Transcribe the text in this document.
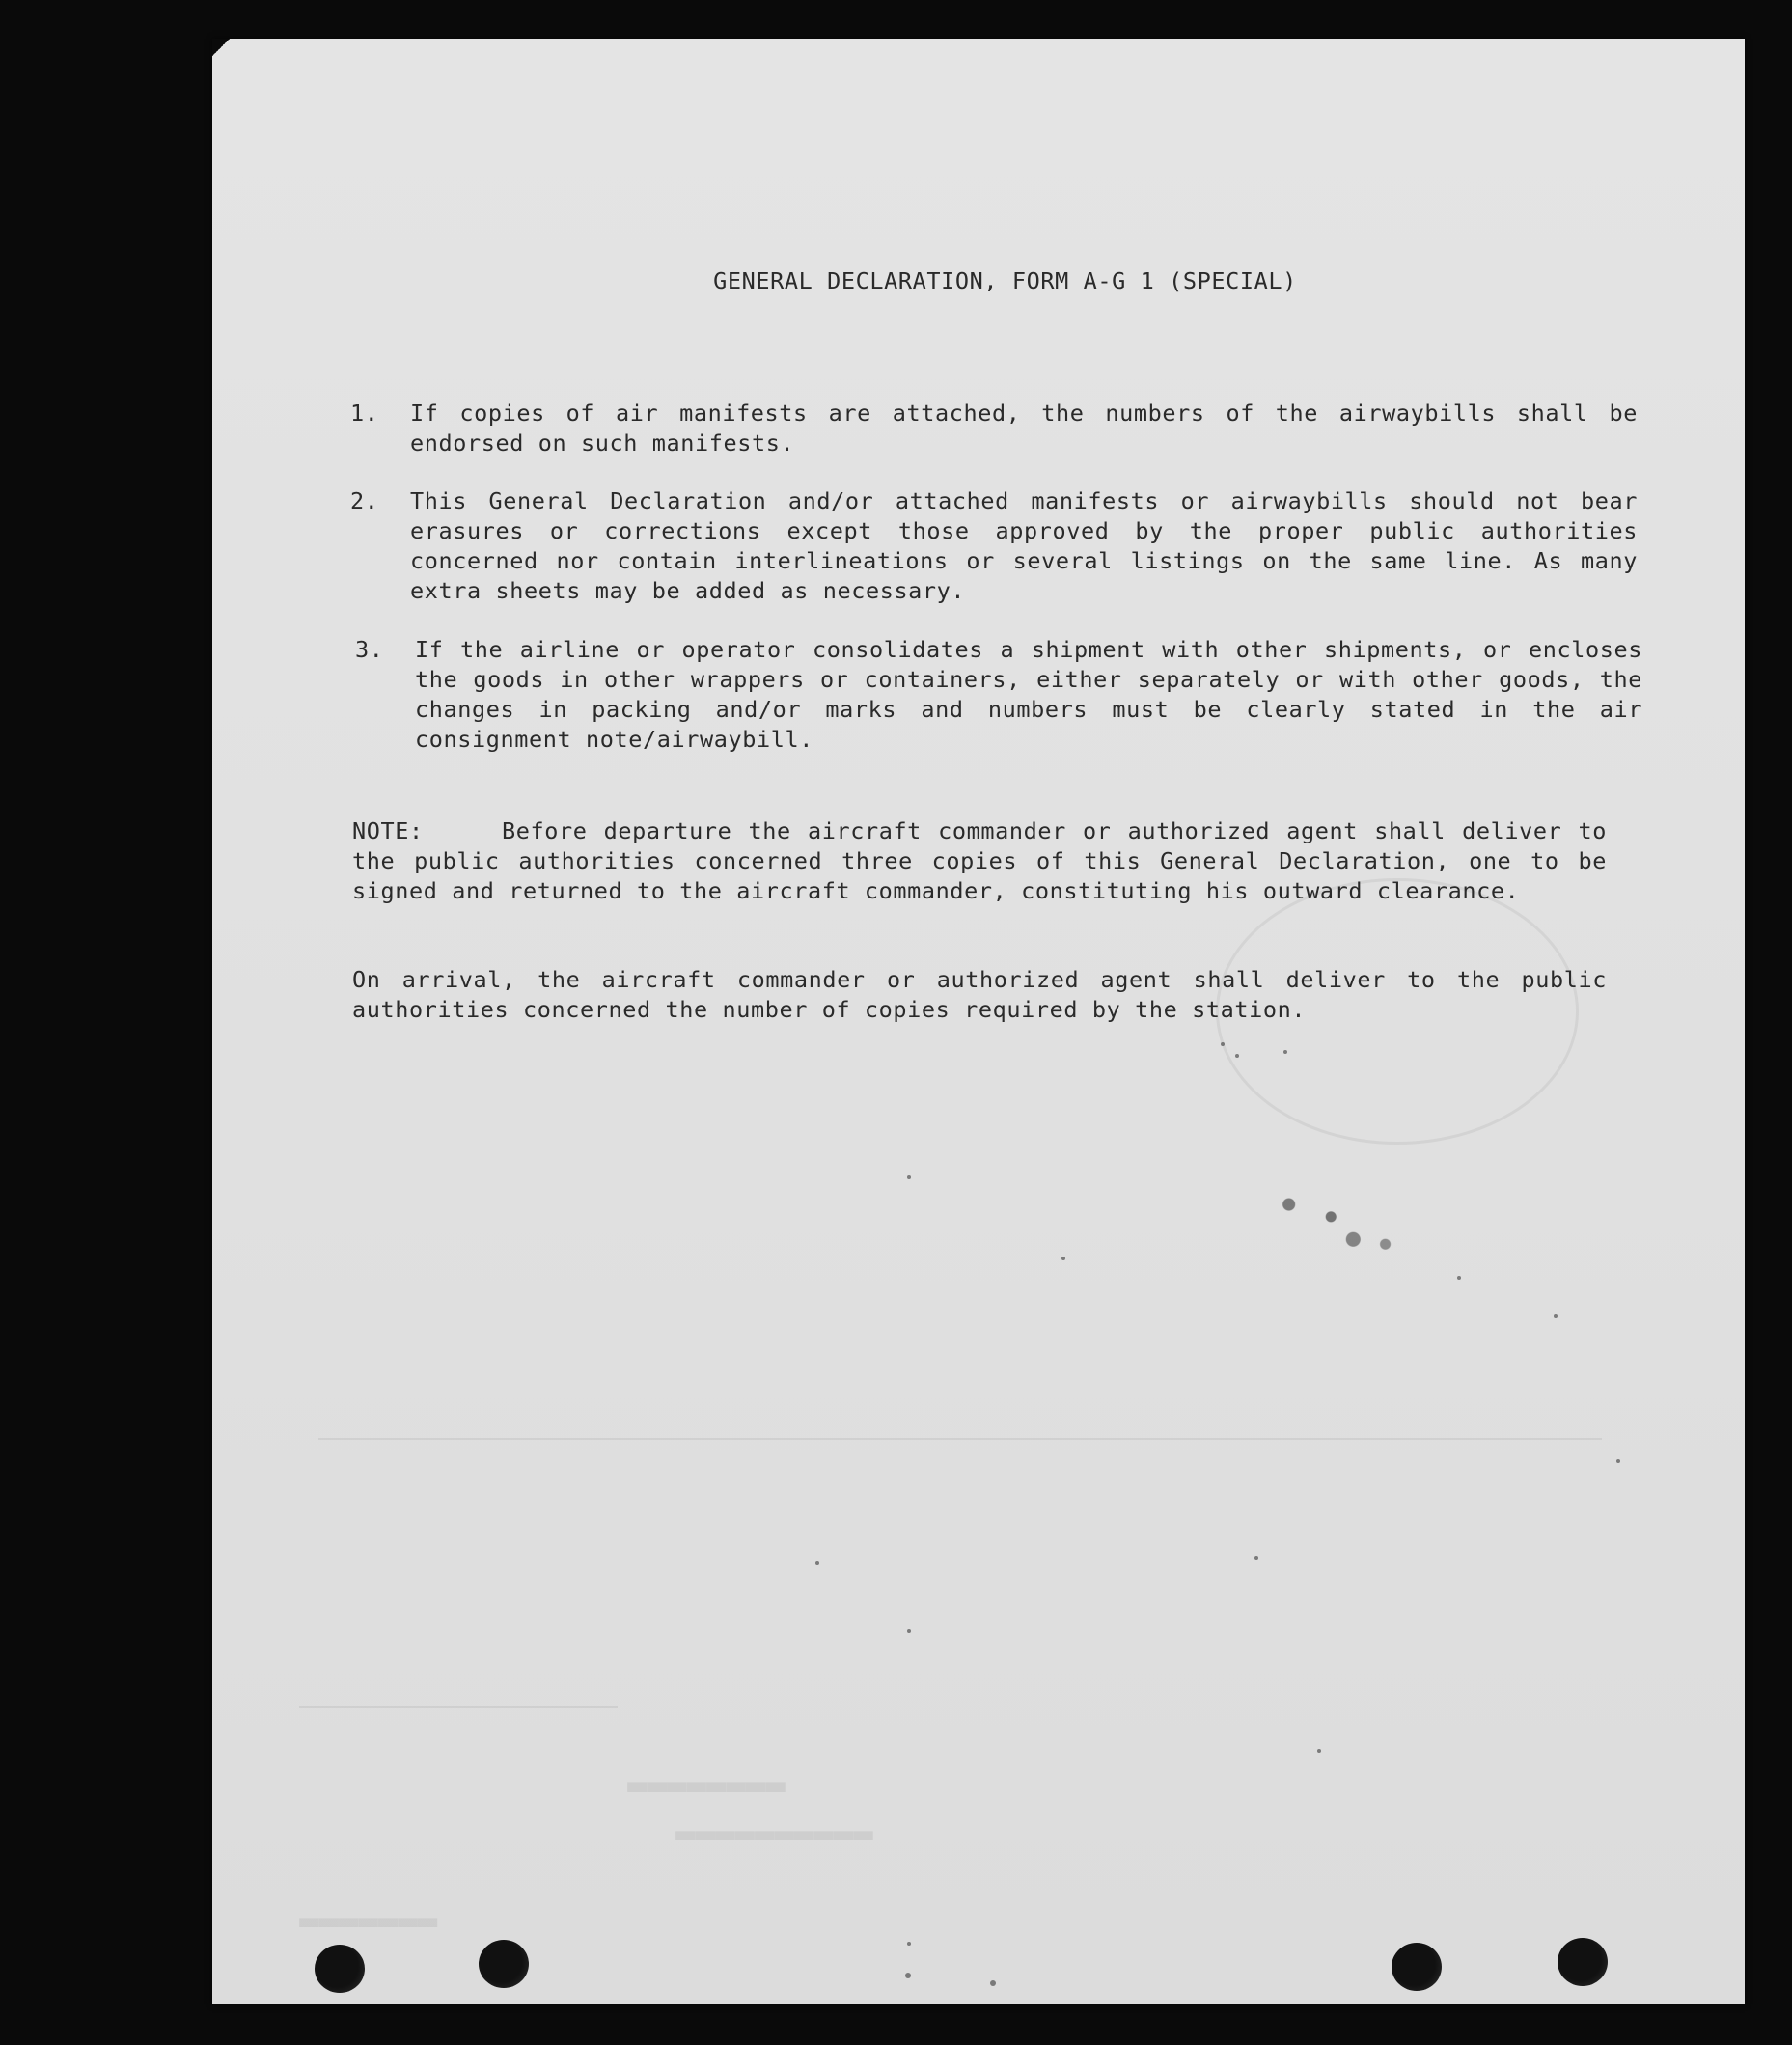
▬▬▬▬▬▬▬▬
▬▬▬▬▬▬▬▬▬▬
▬▬▬▬▬▬▬
GENERAL DECLARATION, FORM A-G 1 (SPECIAL)
1.	If copies of air manifests are attached, the numbers of the airwaybills shall be endorsed on such manifests.
2.	This General Declaration and/or attached manifests or airwaybills should not bear erasures or corrections except those approved by the proper public authorities concerned nor contain interlineations or several listings on the same line. As many extra sheets may be added as necessary.
3.	If the airline or operator consolidates a shipment with other shipments, or encloses the goods in other wrappers or containers, either separately or with other goods, the changes in packing and/or marks and numbers must be clearly stated in the air consignment note/airwaybill.
NOTE:	Before departure the aircraft commander or authorized agent shall deliver to the public authorities concerned three copies of this General Declaration, one to be signed and returned to the aircraft commander, constituting his outward clearance.
On arrival, the aircraft commander or authorized agent shall deliver to the public authorities concerned the number of copies required by the station.
